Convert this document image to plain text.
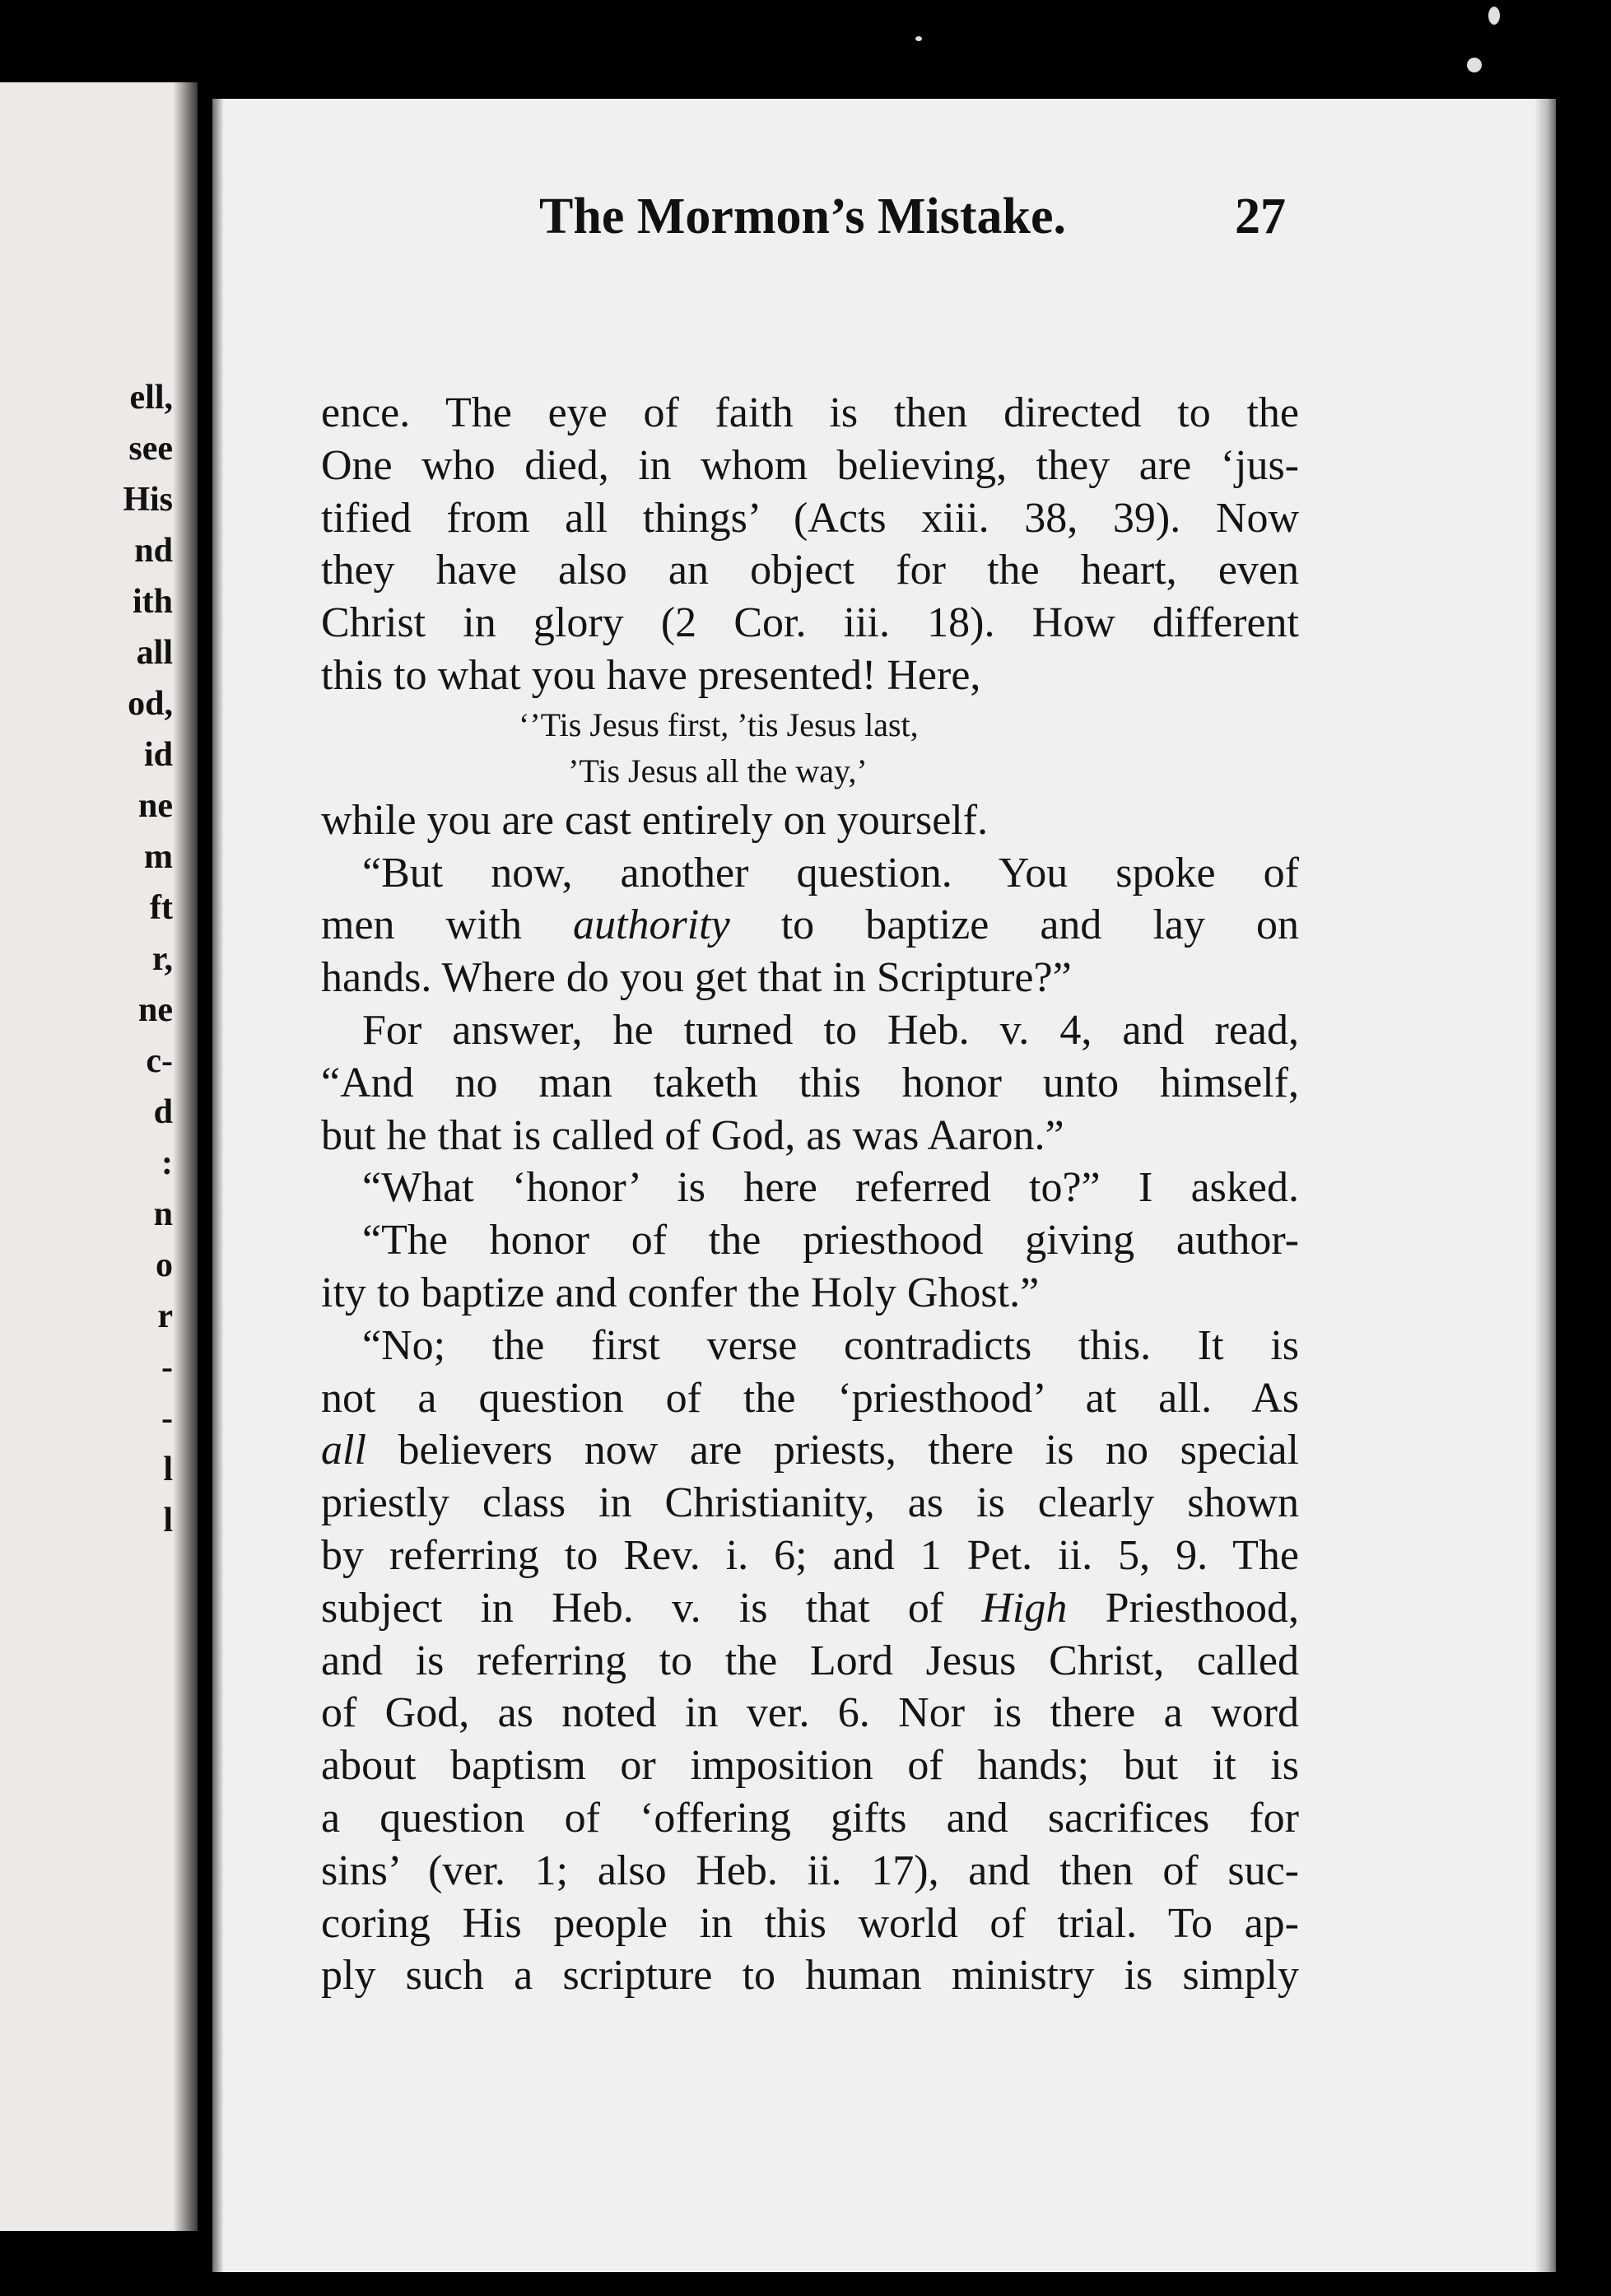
ell,
see
His
nd
ith
all
od,
id
ne
m
ft
r,
ne
c-
d
:
n
o
r
-
-
l
l
The Mormon’s Mistake.	27
ence. The eye of faith is then directed to the
One who died, in whom believing, they are ‘jus-
tified from all things’ (Acts xiii. 38, 39). Now
they have also an object for the heart, even
Christ in glory (2 Cor. iii. 18). How different
this to what you have presented! Here,
‘’Tis Jesus first, ’tis Jesus last,
’Tis Jesus all the way,’
while you are cast entirely on yourself.
“But now, another question. You spoke of
men with authority to baptize and lay on
hands. Where do you get that in Scripture?”
For answer, he turned to Heb. v. 4, and read,
“And no man taketh this honor unto himself,
but he that is called of God, as was Aaron.”
“What ‘honor’ is here referred to?” I asked.
“The honor of the priesthood giving author-
ity to baptize and confer the Holy Ghost.”
“No; the first verse contradicts this. It is
not a question of the ‘priesthood’ at all. As
all believers now are priests, there is no special
priestly class in Christianity, as is clearly shown
by referring to Rev. i. 6; and 1 Pet. ii. 5, 9. The
subject in Heb. v. is that of High Priesthood,
and is referring to the Lord Jesus Christ, called
of God, as noted in ver. 6. Nor is there a word
about baptism or imposition of hands; but it is
a question of ‘offering gifts and sacrifices for
sins’ (ver. 1; also Heb. ii. 17), and then of suc-
coring His people in this world of trial. To ap-
ply such a scripture to human ministry is simply
